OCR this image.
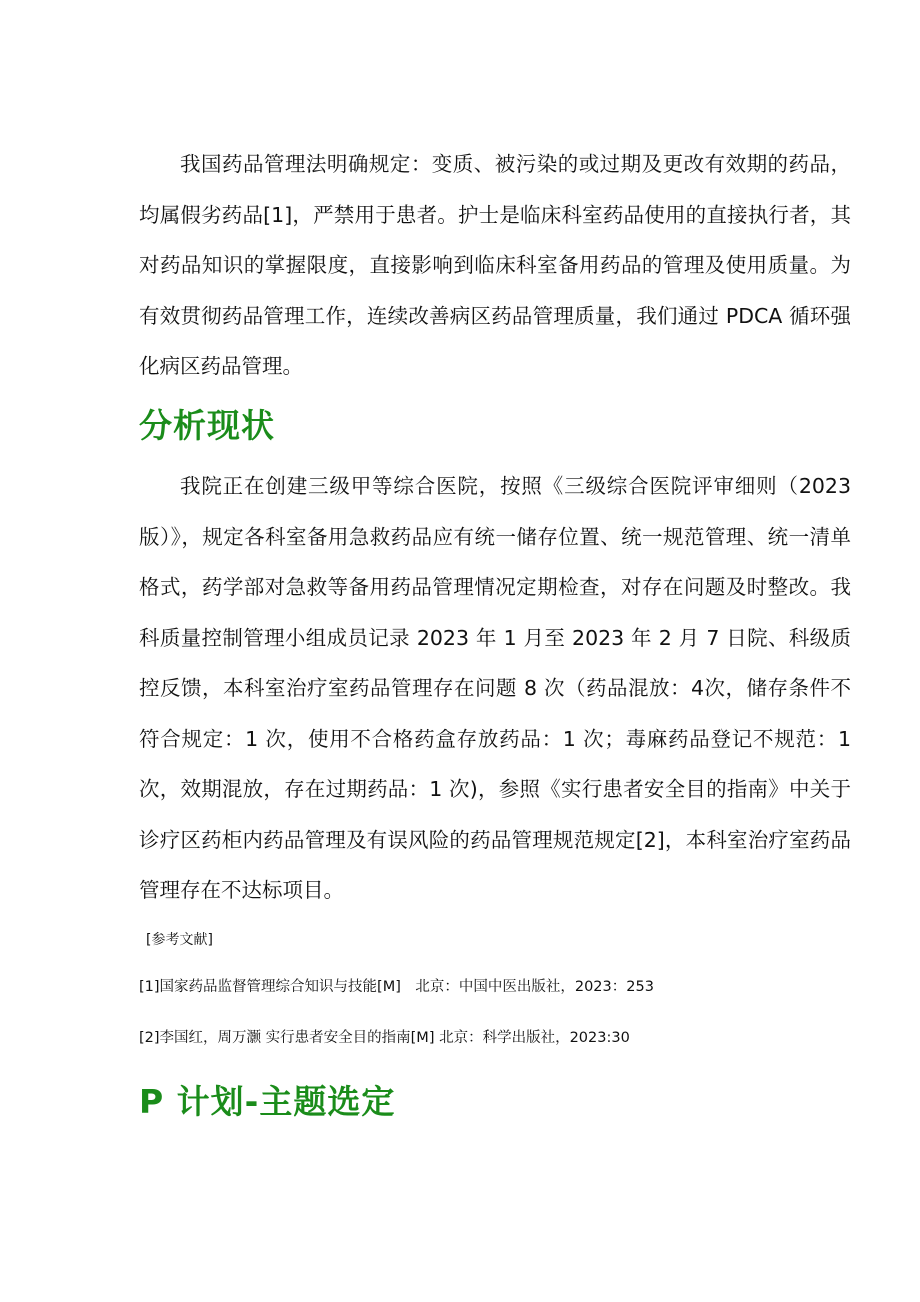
我国药品管理法明确规定：变质、被污染的或过期及更改有效期的药品，均属假劣药品[1]，严禁用于患者。护士是临床科室药品使用的直接执行者，其对药品知识的掌握限度，直接影响到临床科室备用药品的管理及使用质量。为有效贯彻药品管理工作，连续改善病区药品管理质量，我们通过 PDCA 循环强化病区药品管理。

分析现状

我院正在创建三级甲等综合医院，按照《三级综合医院评审细则（2023版）》，规定各科室备用急救药品应有统一储存位置、统一规范管理、统一清单格式，药学部对急救等备用药品管理情况定期检查，对存在问题及时整改。我科质量控制管理小组成员记录 2023 年 1 月至 2023 年 2 月 7 日院、科级质控反馈，本科室治疗室药品管理存在问题 8 次（药品混放：4次，储存条件不符合规定：1 次，使用不合格药盒存放药品：1 次；毒麻药品登记不规范：1 次，效期混放，存在过期药品：1 次)，参照《实行患者安全目的指南》中关于诊疗区药柜内药品管理及有误风险的药品管理规范规定[2]，本科室治疗室药品管理存在不达标项目。

[参考文献]

[1]国家药品监督管理综合知识与技能[M]　北京：中国中医出版社，2023：253

[2]李国红，周万灏 实行患者安全目的指南[M] 北京：科学出版社，2023:30

P 计划-主题选定
